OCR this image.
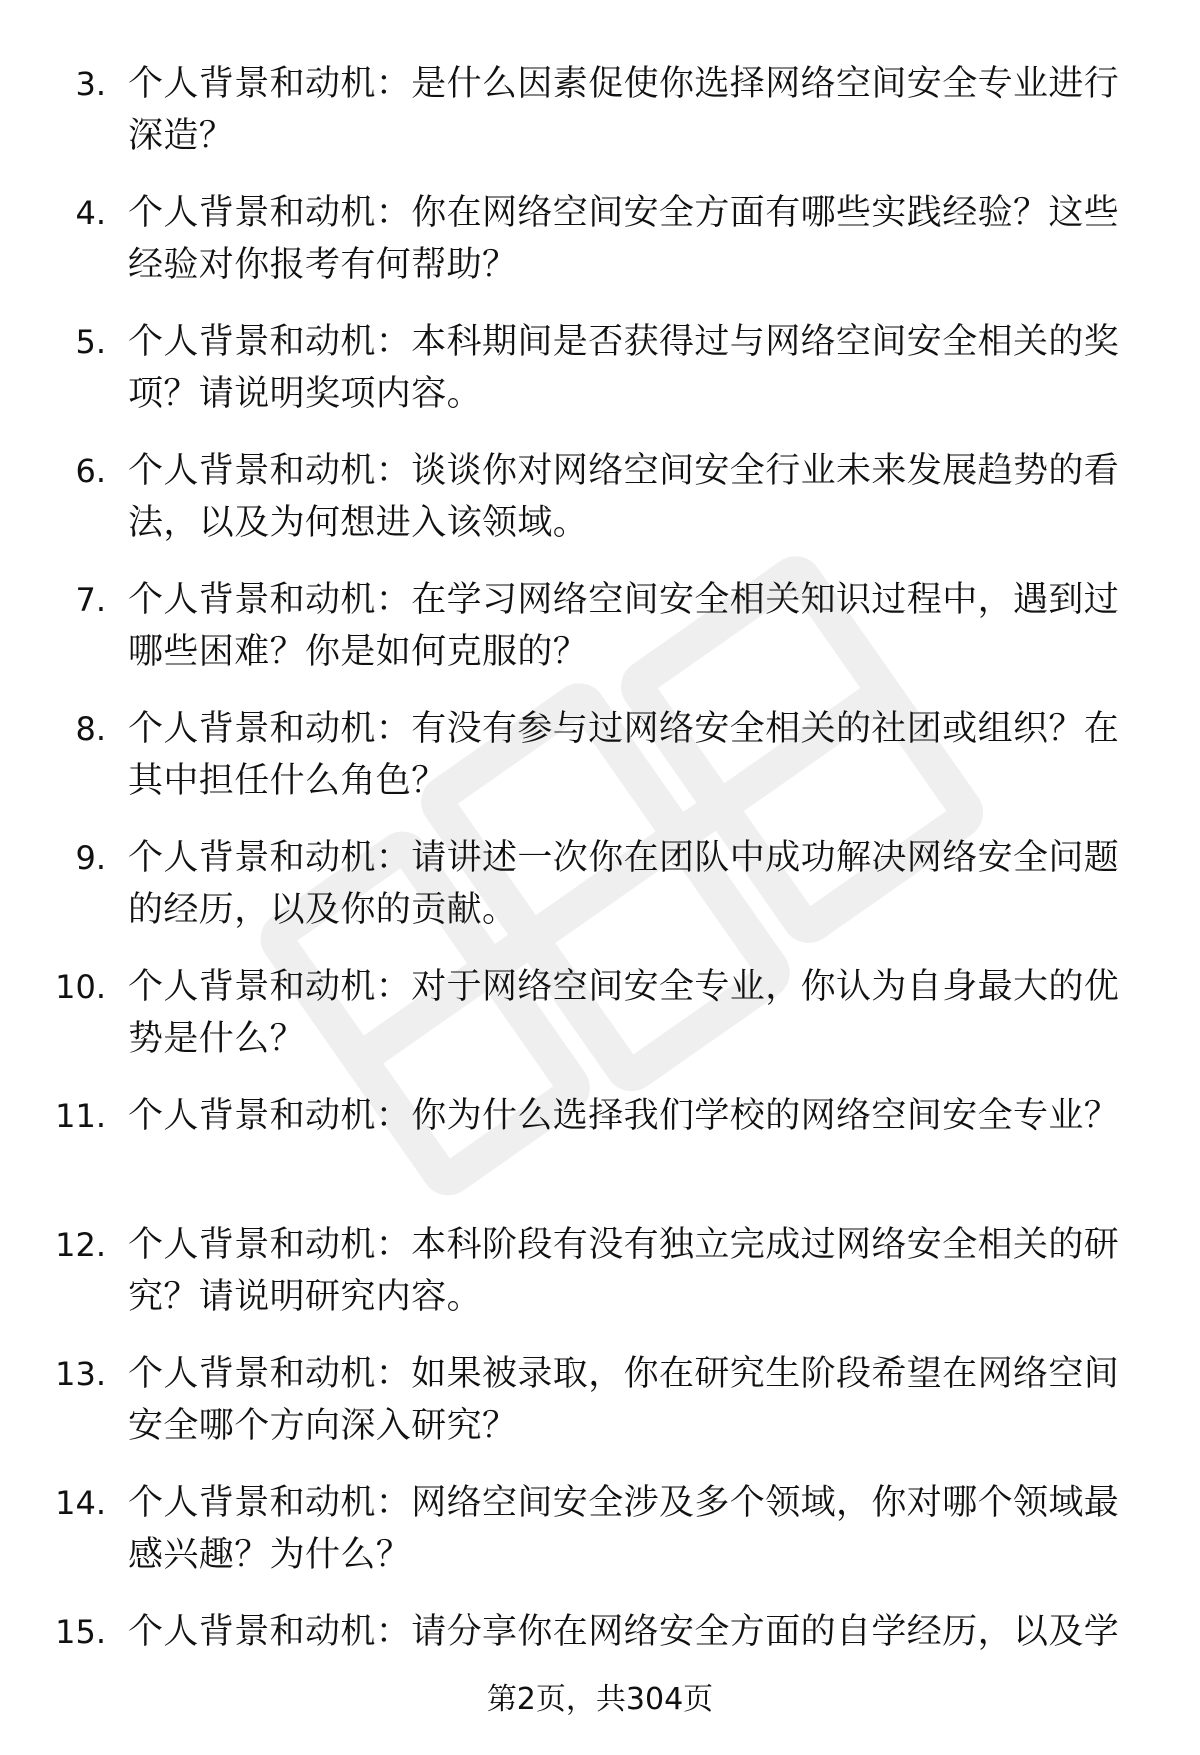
3. 个人背景和动机：是什么因素促使你选择网络空间安全专业进行深造？
4. 个人背景和动机：你在网络空间安全方面有哪些实践经验？这些经验对你报考有何帮助？
5. 个人背景和动机：本科期间是否获得过与网络空间安全相关的奖项？请说明奖项内容。
6. 个人背景和动机：谈谈你对网络空间安全行业未来发展趋势的看法，以及为何想进入该领域。
7. 个人背景和动机：在学习网络空间安全相关知识过程中，遇到过哪些困难？你是如何克服的？
8. 个人背景和动机：有没有参与过网络安全相关的社团或组织？在其中担任什么角色？
9. 个人背景和动机：请讲述一次你在团队中成功解决网络安全问题的经历，以及你的贡献。
10. 个人背景和动机：对于网络空间安全专业，你认为自身最大的优势是什么？
11. 个人背景和动机：你为什么选择我们学校的网络空间安全专业？
12. 个人背景和动机：本科阶段有没有独立完成过网络安全相关的研究？请说明研究内容。
13. 个人背景和动机：如果被录取，你在研究生阶段希望在网络空间安全哪个方向深入研究？
14. 个人背景和动机：网络空间安全涉及多个领域，你对哪个领域最感兴趣？为什么？
15. 个人背景和动机：请分享你在网络安全方面的自学经历，以及学
第2页，共304页
